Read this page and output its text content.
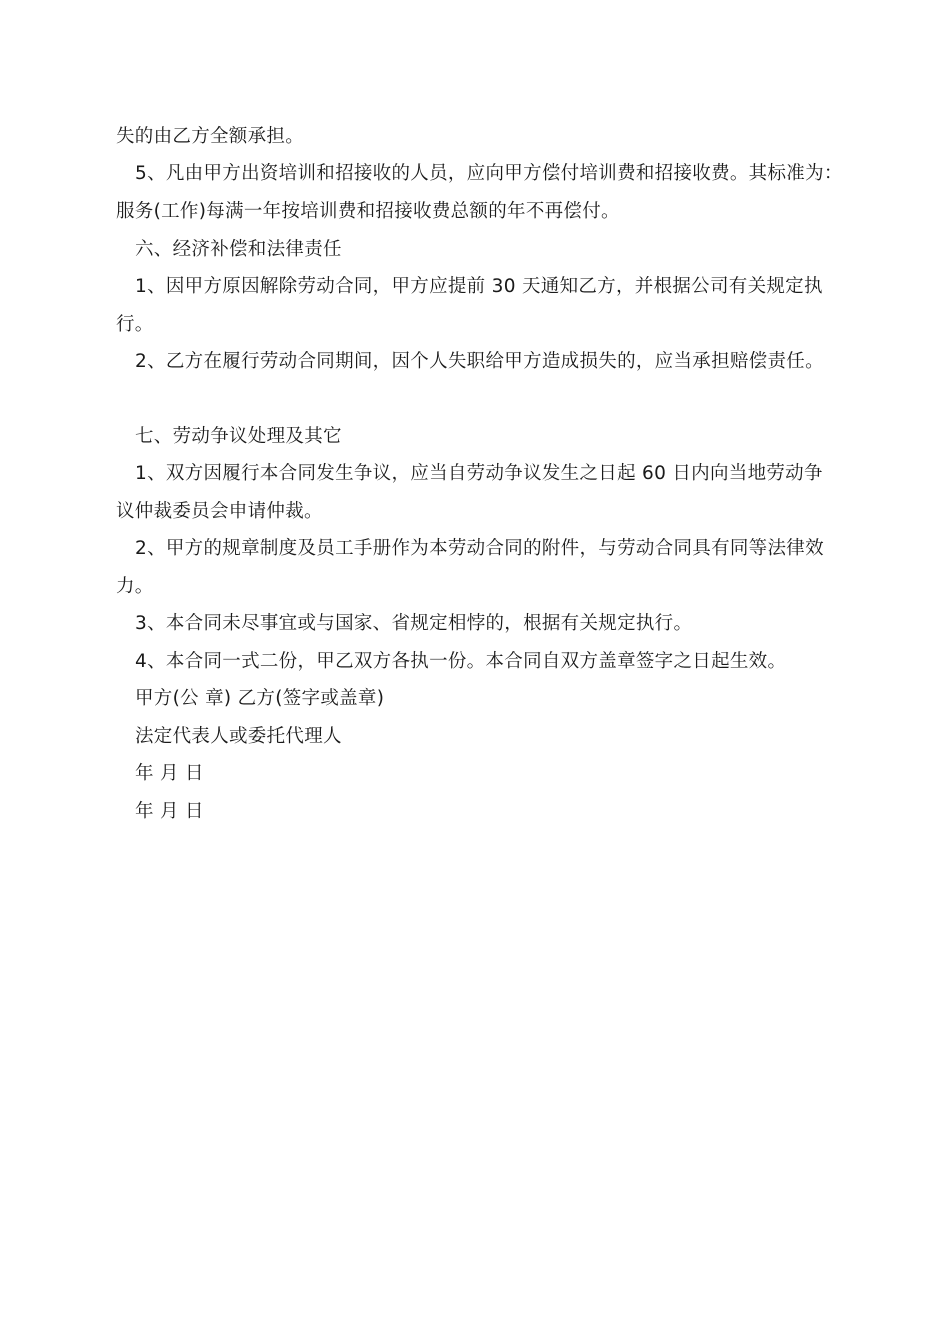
失的由乙方全额承担。
5、凡由甲方出资培训和招接收的人员，应向甲方偿付培训费和招接收费。其标准为：
服务(工作)每满一年按培训费和招接收费总额的年不再偿付。
六、经济补偿和法律责任
1、因甲方原因解除劳动合同，甲方应提前 30 天通知乙方，并根据公司有关规定执
行。
2、乙方在履行劳动合同期间，因个人失职给甲方造成损失的，应当承担赔偿责任。
七、劳动争议处理及其它
1、双方因履行本合同发生争议，应当自劳动争议发生之日起 60 日内向当地劳动争
议仲裁委员会申请仲裁。
2、甲方的规章制度及员工手册作为本劳动合同的附件，与劳动合同具有同等法律效
力。
3、本合同未尽事宜或与国家、省规定相悖的，根据有关规定执行。
4、本合同一式二份，甲乙双方各执一份。本合同自双方盖章签字之日起生效。
甲方(公 章) 乙方(签字或盖章)
法定代表人或委托代理人
年 月 日
年 月 日
